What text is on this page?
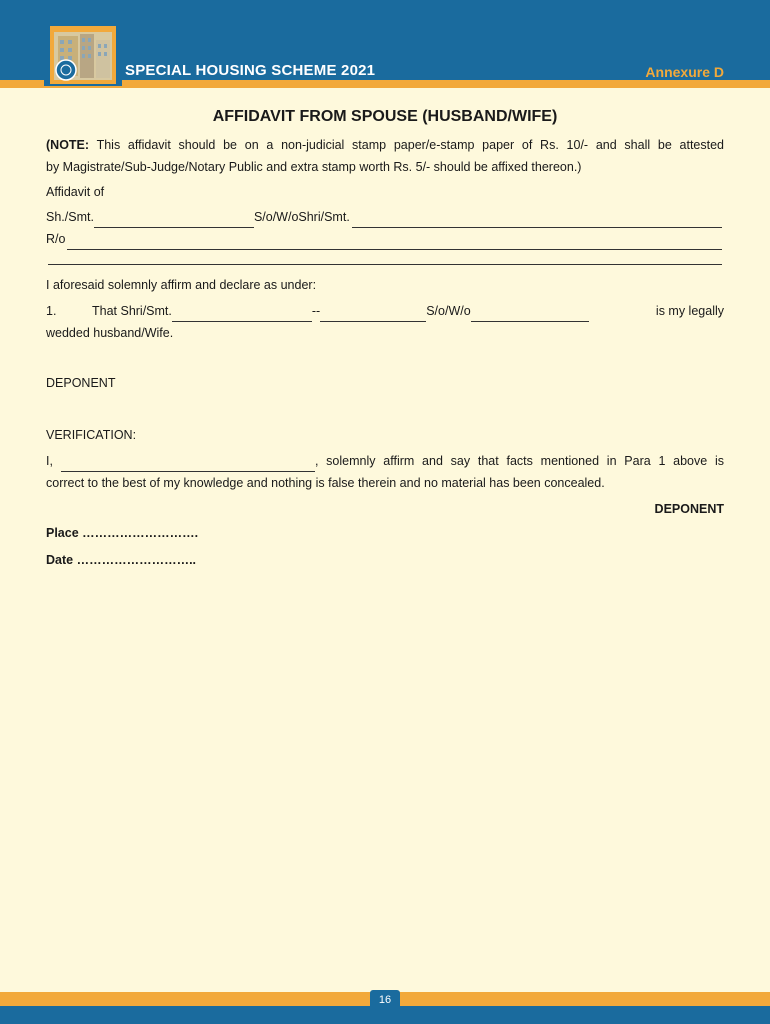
SPECIAL HOUSING SCHEME 2021	Annexure D
AFFIDAVIT FROM SPOUSE (HUSBAND/WIFE)

(NOTE: This affidavit should be on a non-judicial stamp paper/e-stamp paper of Rs. 10/- and shall be attested

by Magistrate/Sub-Judge/Notary Public and extra stamp worth Rs. 5/- should be affixed thereon.)

Affidavit of

Sh./Smt.	S/o/W/oShri/Smt.
R/o

I aforesaid solemnly affirm and declare as under:

1.	That Shri/Smt.	--	S/o/W/o	is my legally

wedded husband/Wife.

DEPONENT

VERIFICATION:

I,	, solemnly affirm and say that facts mentioned in Para 1 above is

correct to the best of my knowledge and nothing is false therein and no material has been concealed.

DEPONENT

Place ……………………….

Date ………………………..

16
